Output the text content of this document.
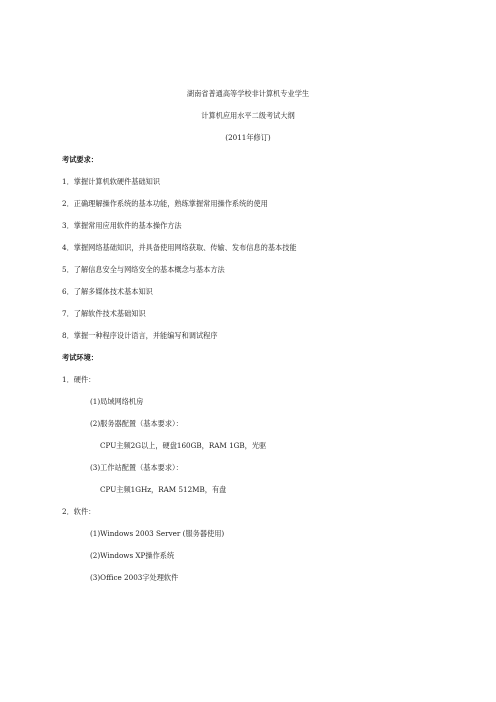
湖南省普通高等学校非计算机专业学生
计算机应用水平二级考试大纲
(2011年修订)
考试要求：
1．掌握计算机软硬件基础知识
2．正确理解操作系统的基本功能，熟练掌握常用操作系统的使用
3．掌握常用应用软件的基本操作方法
4．掌握网络基础知识，并具备使用网络获取、传输、发布信息的基本技能
5．了解信息安全与网络安全的基本概念与基本方法
6．了解多媒体技术基本知识
7．了解软件技术基础知识
8．掌握一种程序设计语言，并能编写和调试程序
考试环境：
1．硬件：
(1)局域网络机房
(2)服务器配置（基本要求）：
CPU主频2G以上，硬盘160GB，RAM 1GB，光驱
(3)工作站配置（基本要求）：
CPU主频1GHz，RAM 512MB，有盘
2．软件：
(1)Windows 2003 Server (服务器使用)
(2)Windows XP操作系统
(3)Office 2003字处理软件
